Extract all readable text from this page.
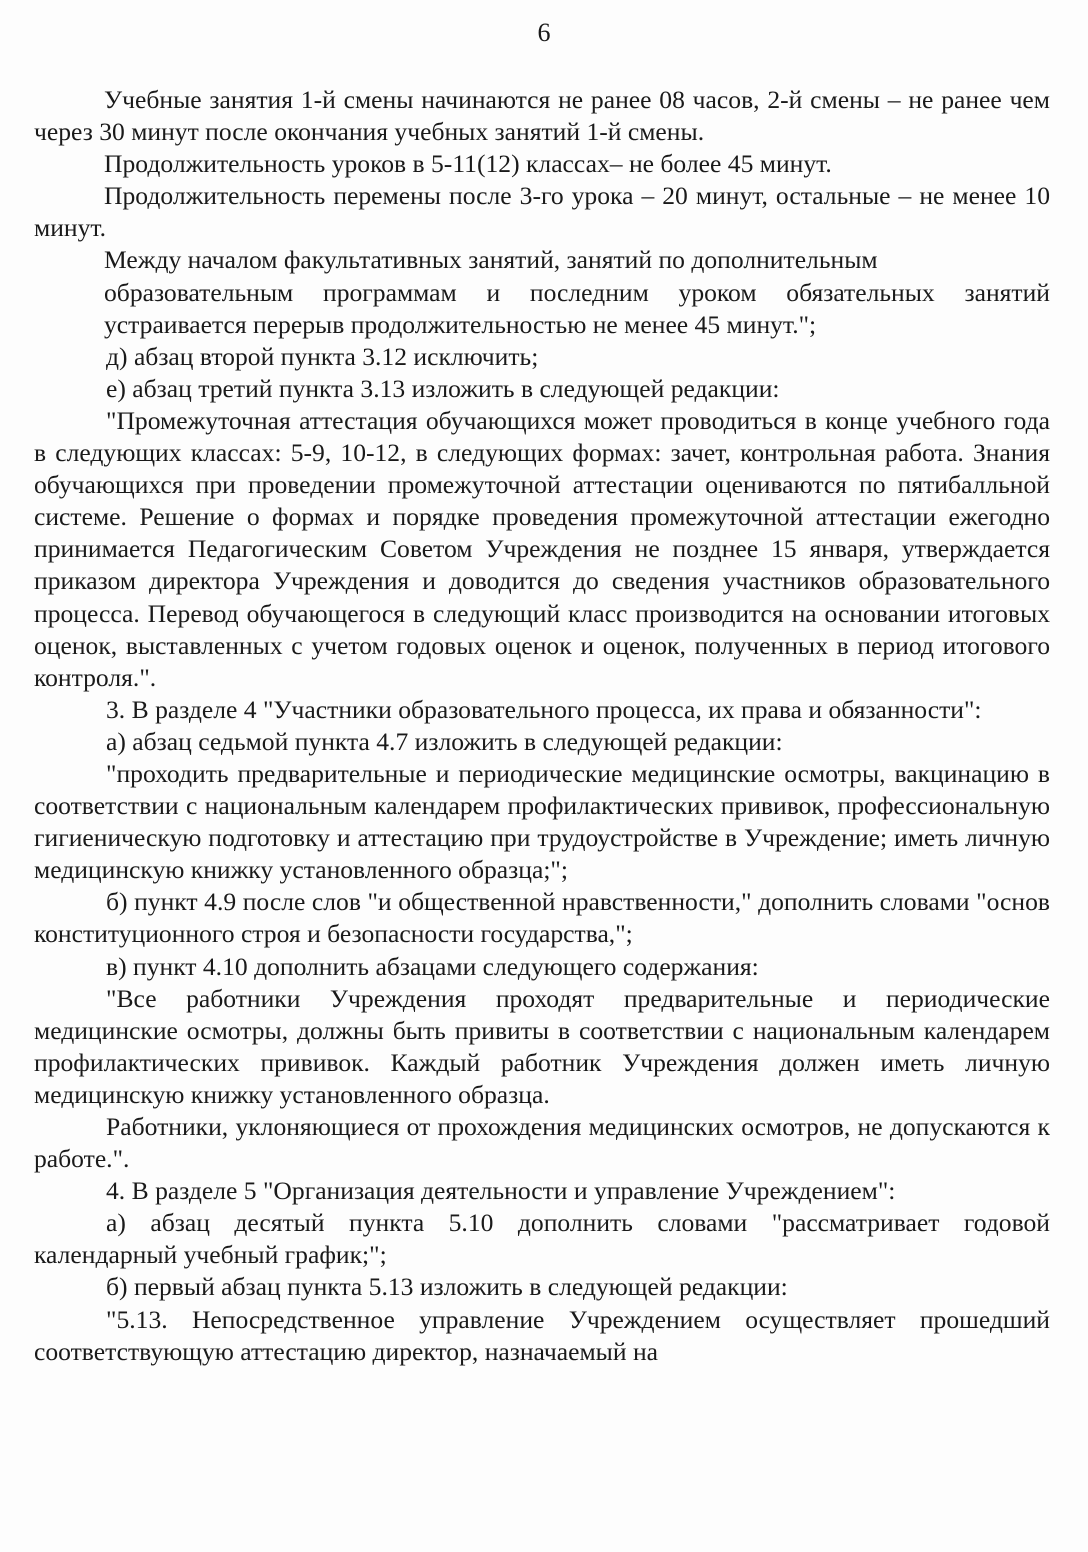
6

Учебные занятия 1-й смены начинаются не ранее 08 часов, 2-й смены – не ранее чем через 30 минут после окончания учебных занятий 1-й смены.

Продолжительность уроков в 5-11(12) классах– не более 45 минут.

Продолжительность перемены после 3-го урока – 20 минут, остальные – не менее 10 минут.

Между началом факультативных занятий, занятий по дополнительным

образовательным программам и последним уроком обязательных занятий устраивается перерыв продолжительностью не менее 45 минут.";

д) абзац второй пункта 3.12 исключить;

е) абзац третий пункта 3.13 изложить в следующей редакции:

"Промежуточная аттестация обучающихся может проводиться в конце учебного года в следующих классах: 5-9, 10-12, в следующих формах: зачет, контрольная работа. Знания обучающихся при проведении промежуточной аттестации оцениваются по пятибалльной системе. Решение о формах и порядке проведения промежуточной аттестации ежегодно принимается Педагогическим Советом Учреждения не позднее 15 января, утверждается приказом директора Учреждения и доводится до сведения участников образовательного процесса. Перевод обучающегося в следующий класс производится на основании итоговых оценок, выставленных с учетом годовых оценок и оценок, полученных в период итогового контроля.".

3. В разделе 4 "Участники образовательного процесса, их права и обязанности":

а) абзац седьмой пункта 4.7 изложить в следующей редакции:

"проходить предварительные и периодические медицинские осмотры, вакцинацию в соответствии с национальным календарем профилактических прививок, профессиональную гигиеническую подготовку и аттестацию при трудоустройстве в Учреждение; иметь личную медицинскую книжку установленного образца;";

б) пункт 4.9 после слов "и общественной нравственности," дополнить словами "основ конституционного строя и безопасности государства,";

в) пункт 4.10 дополнить абзацами следующего содержания:

"Все работники Учреждения проходят предварительные и периодические медицинские осмотры, должны быть привиты в соответствии с национальным календарем профилактических прививок. Каждый работник Учреждения должен иметь личную медицинскую книжку установленного образца.

Работники, уклоняющиеся от прохождения медицинских осмотров, не допускаются к работе.".

4. В разделе 5 "Организация деятельности и управление Учреждением":

а) абзац десятый пункта 5.10 дополнить словами "рассматривает годовой календарный учебный график;";

б) первый абзац пункта 5.13 изложить в следующей редакции:

"5.13. Непосредственное управление Учреждением осуществляет прошедший соответствующую аттестацию директор, назначаемый на
